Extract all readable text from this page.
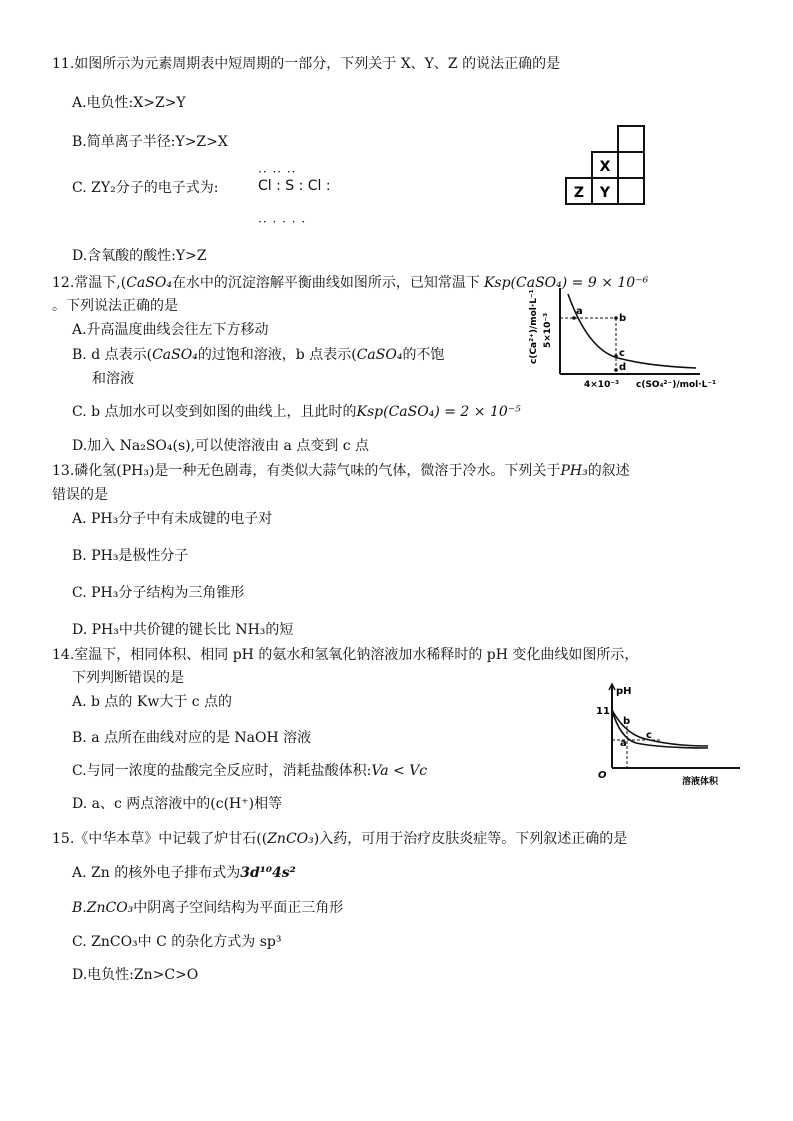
11.如图所示为元素周期表中短周期的一部分，下列关于 X、Y、Z 的说法正确的是
A.电负性:X>Z>Y
B.简单离子半径:Y>Z>X
C. ZY₂分子的电子式为:
·· ·· ··
Cl : S : Cl :
·· · · · ·
D.含氧酸的酸性:Y>Z
X
Z Y
12.常温下,(CaSO₄在水中的沉淀溶解平衡曲线如图所示，已知常温下 Ksp(CaSO₄) = 9 × 10⁻⁶
。下列说法正确的是
A.升高温度曲线会往左下方移动
B. d 点表示(CaSO₄的过饱和溶液，b 点表示(CaSO₄的不饱
和溶液
C. b 点加水可以变到如图的曲线上，且此时的Ksp(CaSO₄) = 2 × 10⁻⁵
D.加入 Na₂SO₄(s),可以使溶液由 a 点变到 c 点
c(Ca²⁺)/mol·L⁻¹ 5×10⁻³
a
b
c
d
4×10⁻³ c(SO₄²⁻)/mol·L⁻¹
13.磷化氢(PH₃)是一种无色剧毒，有类似大蒜气味的气体，微溶于冷水。下列关于PH₃的叙述
错误的是
A. PH₃分子中有未成键的电子对
B. PH₃是极性分子
C. PH₃分子结构为三角锥形
D. PH₃中共价键的键长比 NH₃的短
14.室温下，相同体积、相同 pH 的氨水和氢氧化钠溶液加水稀释时的 pH 变化曲线如图所示，
下列判断错误的是
A. b 点的 Kw大于 c 点的
B. a 点所在曲线对应的是 NaOH 溶液
C.与同一浓度的盐酸完全反应时，消耗盐酸体积:Va < Vc
D. a、c 两点溶液中的(c(H⁺)相等
pH
11
O
b
a
c
溶液体积
15.《中华本草》中记载了炉甘石((ZnCO₃)入药，可用于治疗皮肤炎症等。下列叙述正确的是
A. Zn 的核外电子排布式为3d¹⁰4s²
B.ZnCO₃中阴离子空间结构为平面正三角形
C. ZnCO₃中 C 的杂化方式为 sp³
D.电负性:Zn>C>O
